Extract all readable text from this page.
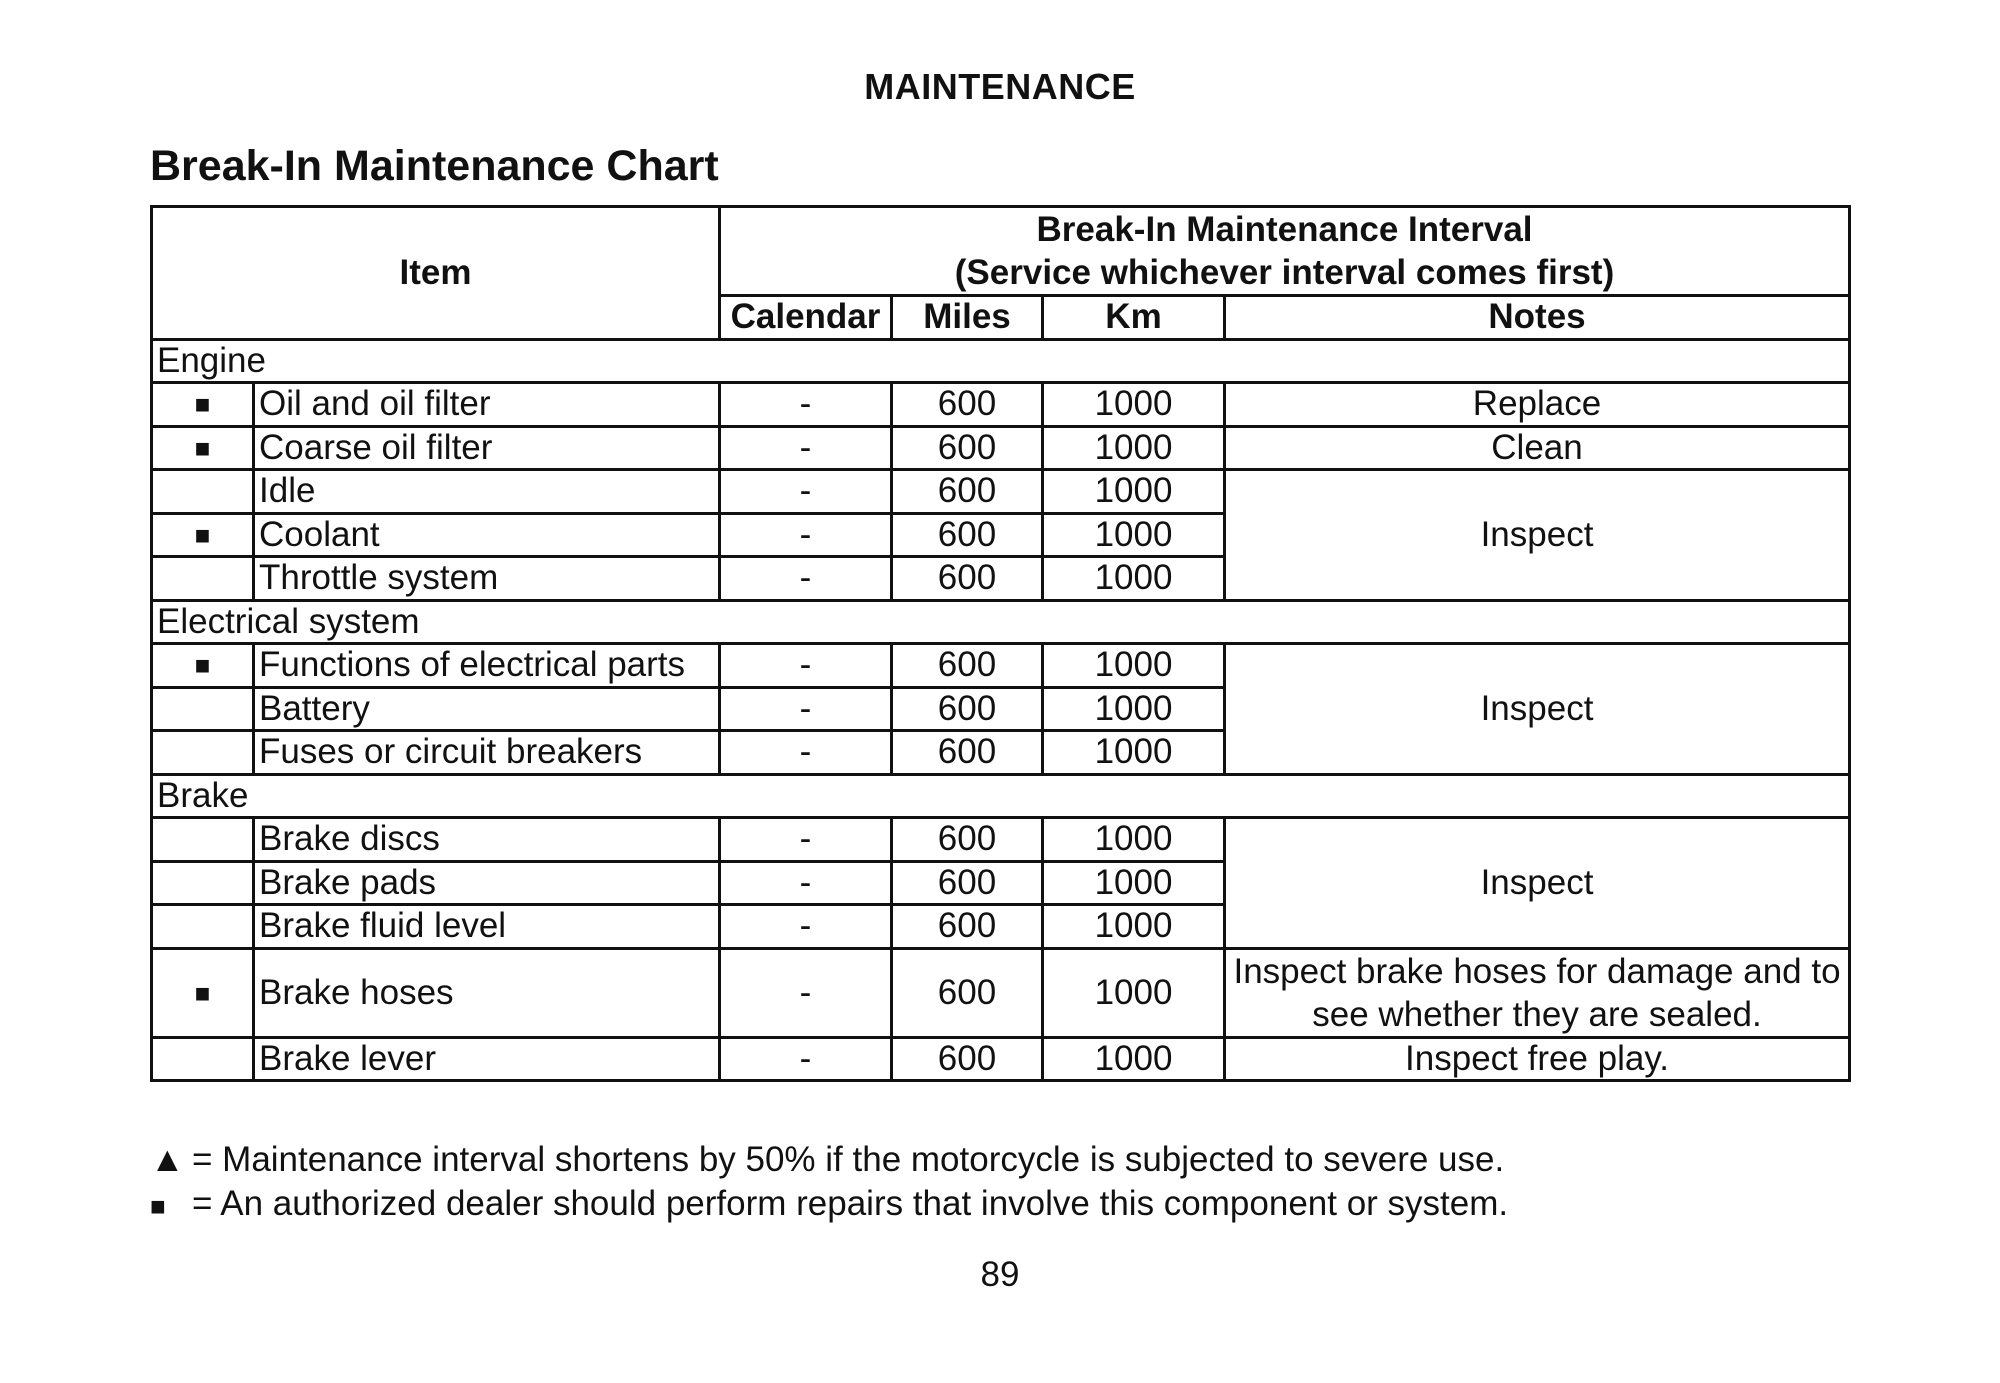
MAINTENANCE
Break-In Maintenance Chart
Item		Break-In Maintenance Interval
(Service whichever interval comes first)			

		Calendar	Miles	Km	Notes
Engine					
■	Oil and oil filter	-	600	1000	Replace
■	Coarse oil filter	-	600	1000	Clean
	Idle	-	600	1000	Inspect
■	Coolant	-	600	1000	
	Throttle system	-	600	1000	
Electrical system					
■	Functions of electrical parts	-	600	1000	Inspect
	Battery	-	600	1000	
	Fuses or circuit breakers	-	600	1000	
Brake					
	Brake discs	-	600	1000	Inspect
	Brake pads	-	600	1000	
	Brake fluid level	-	600	1000	
■	Brake hoses	-	600	1000	Inspect brake hoses for damage and to see whether they are sealed.
	Brake lever	-	600	1000	Inspect free play.
▲ = Maintenance interval shortens by 50% if the motorcycle is subjected to severe use.
■ = An authorized dealer should perform repairs that involve this component or system.
89
